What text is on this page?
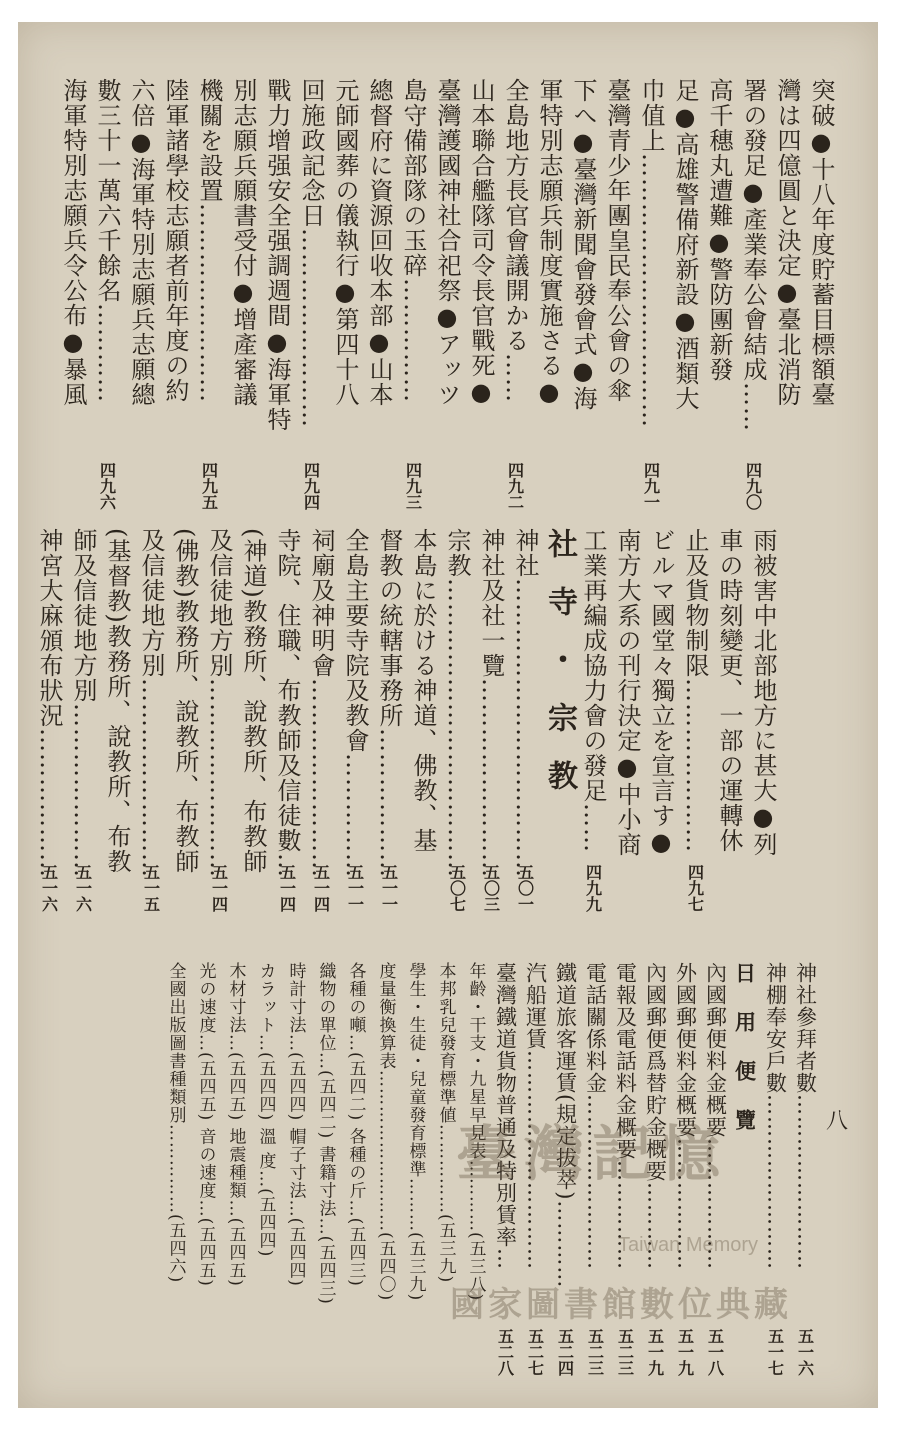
突破●十八年度貯蓄目標額臺
灣は四億圓と決定●臺北消防
署の發足●產業奉公會結成……
四九〇
高千穗丸遭難●警防團新發
足●高雄警備府新設●酒類大
巾值上……………………………
四九一
臺灣青少年團皇民奉公會の傘
下へ●臺灣新聞會發會式●海
軍特別志願兵制度實施さる●
全島地方長官會議開かる……
四九二
山本聯合艦隊司令長官戰死●
臺灣護國神社合祀祭●アッツ
島守備部隊の玉碎……………
四九三
總督府に資源回收本部●山本
元師國葬の儀執行●第四十八
回施政記念日……………………
四九四
戰力增强安全强調週間●海軍特
別志願兵願書受付●增產審議
機關を設置……………………
四九五
陸軍諸學校志願者前年度の約
六倍●海軍特別志願兵志願總
數三十一萬六千餘名…………
四九六
海軍特別志願兵令公布●暴風
雨被害中北部地方に甚大●列
車の時刻變更、一部の運轉休
止及貨物制限…………………
四九七
ビルマ國堂々獨立を宣言す●
南方大系の刊行決定●中小商
工業再編成協力會の發足……
四九九
社寺・宗教
神社………………………………
五〇一
神社及社一覽……………………
五〇三
宗教………………………………
五〇七
本島に於ける神道、佛教、基
督教の統轄事務所………………
五一一
全島主要寺院及教會……………
五一一
祠廟及神明會……………………
五一四
寺院、住職、布教師及信徒數…
五一四
(神道)教務所、說教所、布教師
及信徒地方別……………………
五一四
(佛教)教務所、說教所、布教師
及信徒地方別……………………
五一五
(基督教)教務所、說教所、布教
師及信徒地方別…………………
五一六
神宮大麻頒布狀況………………
五一六
神社參拜者數……………………
五一六
神棚奉安戶數……………………
五一七
日用便覽
內國郵便料金概要………………
五一八
外國郵便料金概要………………
五一九
內國郵便爲替貯金概要…………
五一九
電報及電話料金概要……………
五二三
電話關係料金……………………
五二三
鐵道旅客運賃(規定拔萃)…………
五二四
汽船運賃…………………………
五二七
臺灣鐵道貨物普通及特別賃率…
五二八
年齡・干支・九星早見表…………(五三八)
本邦乳兒發育標準値……………(五三九)
學生・生徒・兒童發育標準………(五三九)
度量衡換算表………………………(五四〇)
各種の噸…(五四二) 各種の斤…(五四三)
織物の單位…(五四二) 書籍寸法…(五四三)
時計寸法…(五四四) 帽子寸法…(五四四)
カラット…(五四四) 溫 度…(五四四)
木材寸法…(五四五) 地震種類…(五四五)
光の速度…(五四五) 音の速度…(五四五)
全國出版圖書種類別……………(五四六)	八
臺灣記憶
Taiwan Memory
國家圖書館數位典藏
